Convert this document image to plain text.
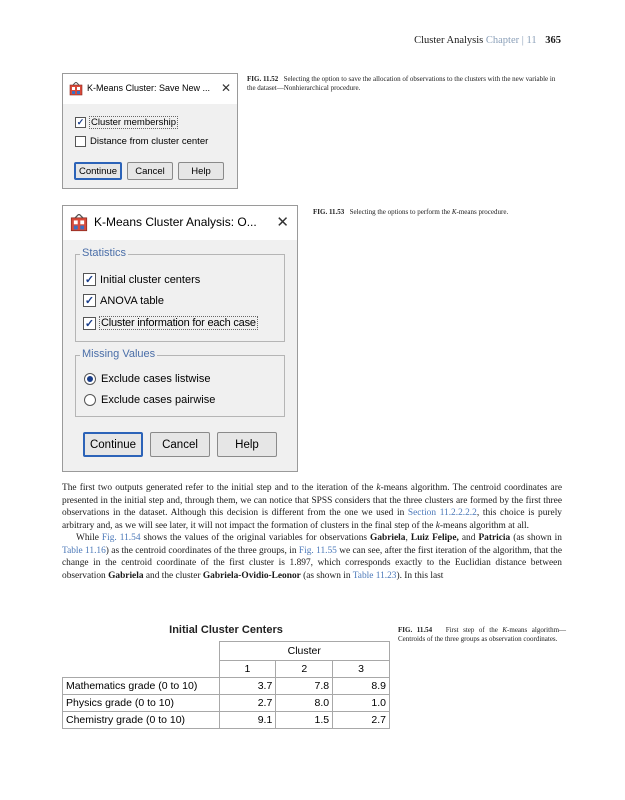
Cluster Analysis Chapter | 11 365
K-Means Cluster: Save New ... ✕
✓ Cluster membership
Distance from cluster center
Continue	Cancel	Help
FIG. 11.52 Selecting the option to save the allocation of observations to the clusters with the new variable in the dataset—Nonhierarchical procedure.
K-Means Cluster Analysis: O... ✕
Statistics
✓ Initial cluster centers
✓ ANOVA table
✓ Cluster information for each case
Missing Values
Exclude cases listwise
Exclude cases pairwise
Continue	Cancel	Help
FIG. 11.53 Selecting the options to perform the K-means procedure.

The first two outputs generated refer to the initial step and to the iteration of the k-means algorithm. The centroid coordinates are presented in the initial step and, through them, we can notice that SPSS considers that the three clusters are formed by the first three observations in the dataset. Although this decision is different from the one we used in Section 11.2.2.2.2, this choice is purely arbitrary and, as we will see later, it will not impact the formation of clusters in the final step of the k-means algorithm at all.

While Fig. 11.54 shows the values of the original variables for observations Gabriela, Luiz Felipe, and Patricia (as shown in Table 11.16) as the centroid coordinates of the three groups, in Fig. 11.55 we can see, after the first iteration of the algorithm, that the change in the centroid coordinate of the first cluster is 1.897, which corresponds exactly to the Euclidian distance between observation Gabriela and the cluster Gabriela-Ovidio-Leonor (as shown in Table 11.23). In this last

Initial Cluster Centers
	Cluster		
	1	2	3
Mathematics grade (0 to 10)	3.7	7.8	8.9
Physics grade (0 to 10)	2.7	8.0	1.0
Chemistry grade (0 to 10)	9.1	1.5	2.7
FIG. 11.54 First step of the K-means algorithm—Centroids of the three groups as observation coordinates.
